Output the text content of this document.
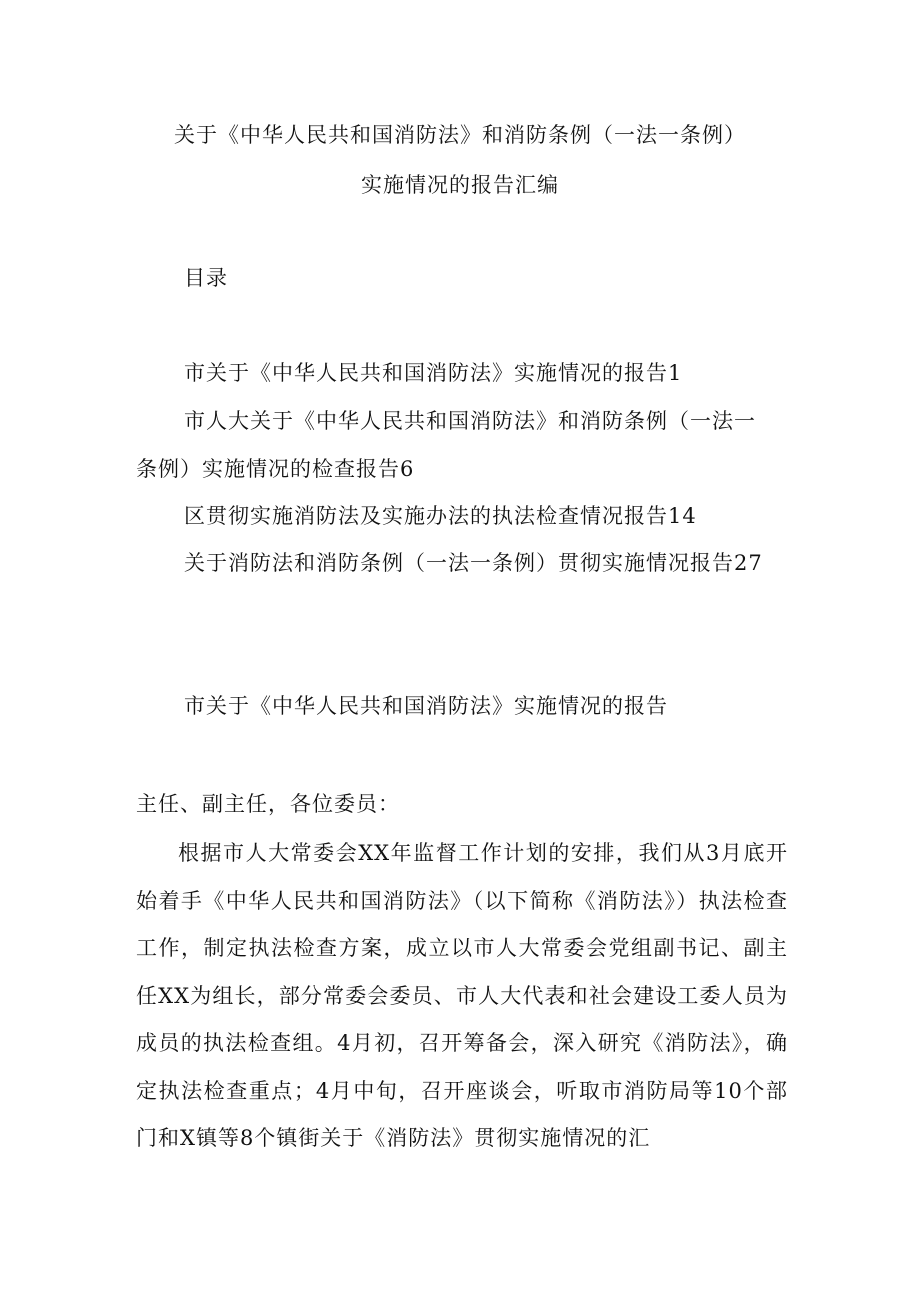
关于《中华人民共和国消防法》和消防条例（一法一条例）
实施情况的报告汇编
目录
市关于《中华人民共和国消防法》实施情况的报告1
市人大关于《中华人民共和国消防法》和消防条例（一法一
条例）实施情况的检查报告6
区贯彻实施消防法及实施办法的执法检查情况报告14
关于消防法和消防条例（一法一条例）贯彻实施情况报告27
市关于《中华人民共和国消防法》实施情况的报告
主任、副主任，各位委员：
根据市人大常委会XX年监督工作计划的安排，我们从3月底开始着手《中华人民共和国消防法》（以下简称《消防法》）执法检查工作，制定执法检查方案，成立以市人大常委会党组副书记、副主任XX为组长，部分常委会委员、市人大代表和社会建设工委人员为成员的执法检查组。4月初，召开筹备会，深入研究《消防法》，确定执法检查重点；4月中旬，召开座谈会，听取市消防局等10个部门和X镇等8个镇街关于《消防法》贯彻实施情况的汇
